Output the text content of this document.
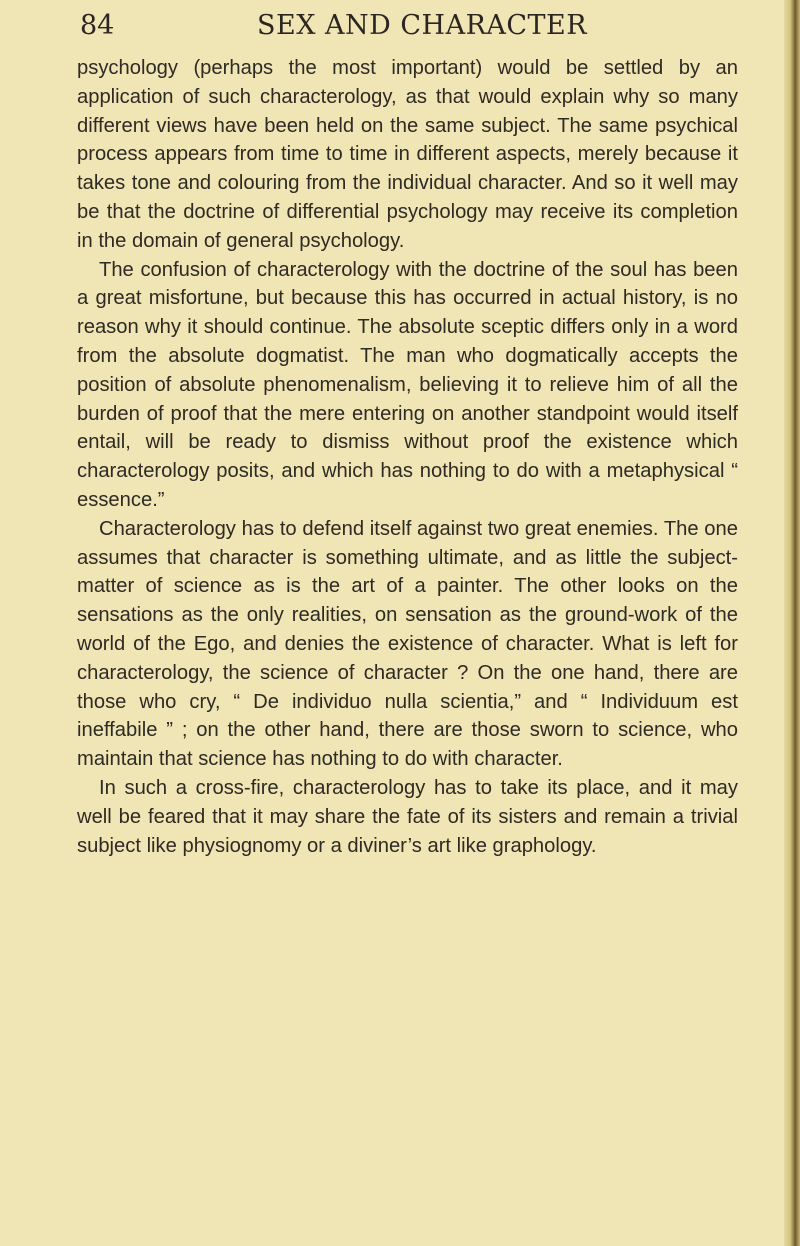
84	SEX AND CHARACTER

psychology (perhaps the most important) would be settled by an application of such characterology, as that would explain why so many different views have been held on the same subject. The same psychical process appears from time to time in different aspects, merely because it takes tone and colouring from the individual character. And so it well may be that the doctrine of differential psychology may receive its completion in the domain of general psychology.

The confusion of characterology with the doctrine of the soul has been a great misfortune, but because this has occurred in actual history, is no reason why it should continue. The absolute sceptic differs only in a word from the absolute dogmatist. The man who dogmatically accepts the position of absolute phenomenalism, believing it to relieve him of all the burden of proof that the mere entering on another standpoint would itself entail, will be ready to dismiss without proof the existence which characterology posits, and which has nothing to do with a metaphysical “ essence.”

Characterology has to defend itself against two great enemies. The one assumes that character is something ultimate, and as little the subject-matter of science as is the art of a painter. The other looks on the sensations as the only realities, on sensation as the ground-work of the world of the Ego, and denies the existence of character. What is left for characterology, the science of character ? On the one hand, there are those who cry, “ De individuo nulla scientia,” and “ Individuum est ineffabile ” ; on the other hand, there are those sworn to science, who maintain that science has nothing to do with character.

In such a cross-fire, characterology has to take its place, and it may well be feared that it may share the fate of its sisters and remain a trivial subject like physiognomy or a diviner’s art like graphology.
